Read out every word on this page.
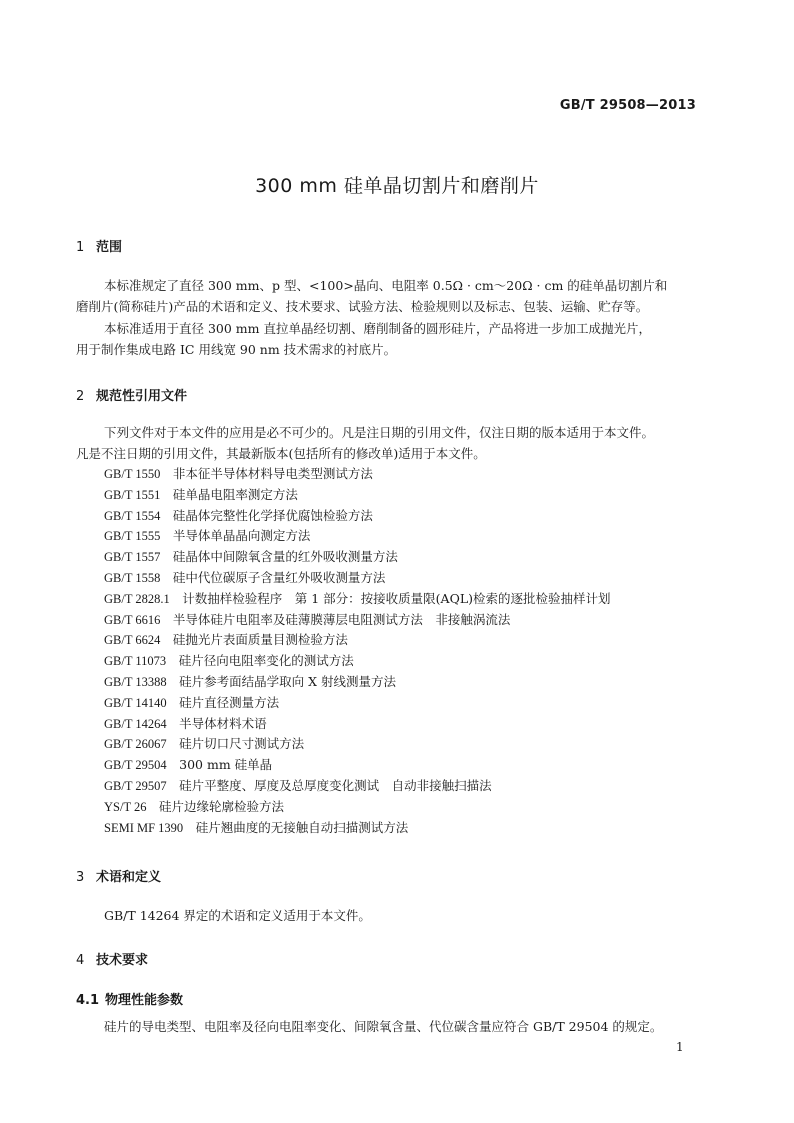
GB/T 29508—2013
300 mm 硅单晶切割片和磨削片
1 范围
本标准规定了直径 300 mm、p 型、<100>晶向、电阻率 0.5Ω · cm～20Ω · cm 的硅单晶切割片和
磨削片(简称硅片)产品的术语和定义、技术要求、试验方法、检验规则以及标志、包装、运输、贮存等。
本标准适用于直径 300 mm 直拉单晶经切割、磨削制备的圆形硅片，产品将进一步加工成抛光片，
用于制作集成电路 IC 用线宽 90 nm 技术需求的衬底片。
2 规范性引用文件
下列文件对于本文件的应用是必不可少的。凡是注日期的引用文件，仅注日期的版本适用于本文件。
凡是不注日期的引用文件，其最新版本(包括所有的修改单)适用于本文件。
GB/T 1550　 非本征半导体材料导电类型测试方法
GB/T 1551　 硅单晶电阻率测定方法
GB/T 1554　 硅晶体完整性化学择优腐蚀检验方法
GB/T 1555　 半导体单晶晶向测定方法
GB/T 1557　 硅晶体中间隙氧含量的红外吸收测量方法
GB/T 1558　 硅中代位碳原子含量红外吸收测量方法
GB/T 2828.1　 计数抽样检验程序　第 1 部分：按接收质量限(AQL)检索的逐批检验抽样计划
GB/T 6616　 半导体硅片电阻率及硅薄膜薄层电阻测试方法　非接触涡流法
GB/T 6624　 硅抛光片表面质量目测检验方法
GB/T 11073　 硅片径向电阻率变化的测试方法
GB/T 13388　 硅片参考面结晶学取向 X 射线测量方法
GB/T 14140　 硅片直径测量方法
GB/T 14264　 半导体材料术语
GB/T 26067　 硅片切口尺寸测试方法
GB/T 29504　 300 mm 硅单晶
GB/T 29507　 硅片平整度、厚度及总厚度变化测试　自动非接触扫描法
YS/T 26　 硅片边缘轮廓检验方法
SEMI MF 1390　 硅片翘曲度的无接触自动扫描测试方法
3 术语和定义
GB/T 14264 界定的术语和定义适用于本文件。
4 技术要求
4.1 物理性能参数
硅片的导电类型、电阻率及径向电阻率变化、间隙氧含量、代位碳含量应符合 GB/T 29504 的规定。
1
